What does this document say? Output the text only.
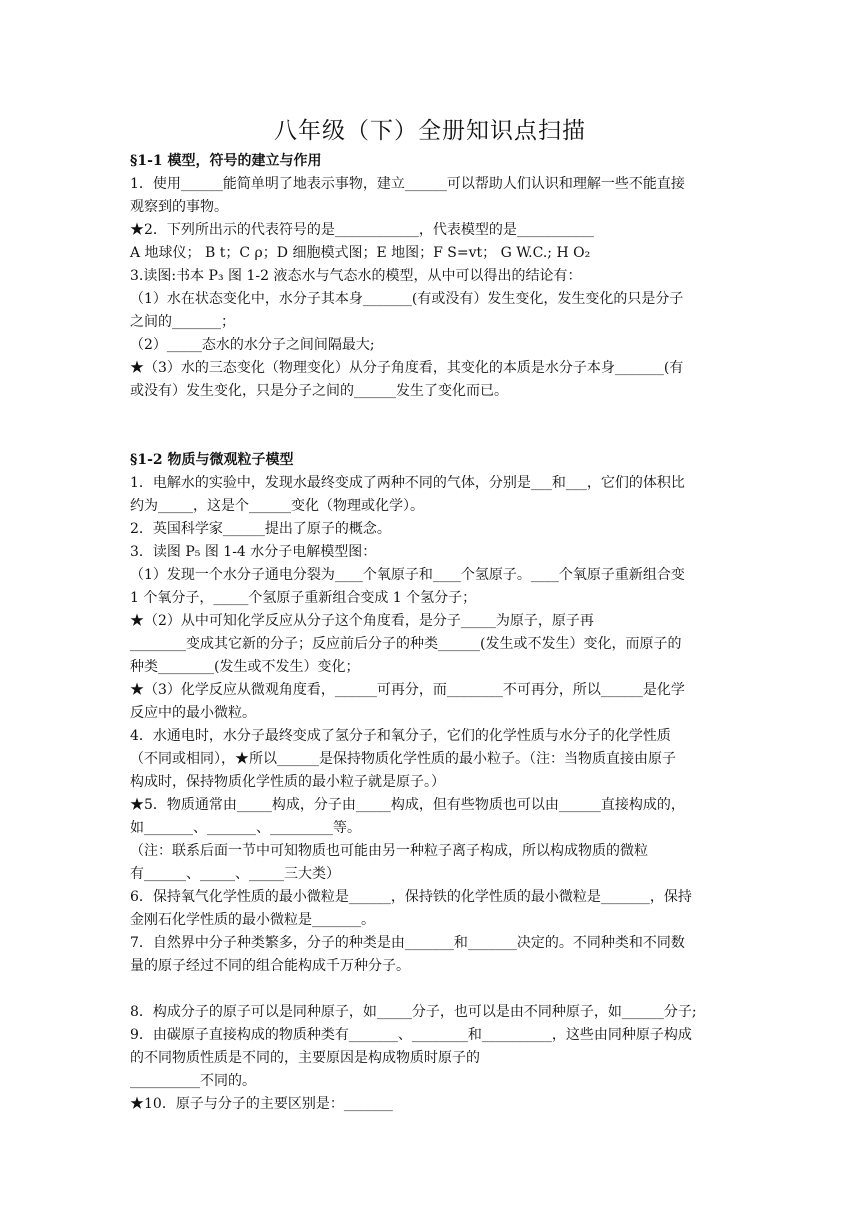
八年级（下）全册知识点扫描
§1-1 模型，符号的建立与作用
1．使用______能简单明了地表示事物，建立______可以帮助人们认识和理解一些不能直接
观察到的事物。
★2．下列所出示的代表符号的是____________，代表模型的是___________
A 地球仪； B t；C ρ；D 细胞模式图；E 地图；F S=vt； G W.C.; H O₂
3.读图:书本 P₃ 图 1-2 液态水与气态水的模型，从中可以得出的结论有：
（1）水在状态变化中，水分子其本身_______(有或没有）发生变化，发生变化的只是分子
之间的_______；
（2）_____态水的水分子之间间隔最大;
★（3）水的三态变化（物理变化）从分子角度看，其变化的本质是水分子本身_______(有
或没有）发生变化，只是分子之间的______发生了变化而已。
§1-2 物质与微观粒子模型
1．电解水的实验中，发现水最终变成了两种不同的气体，分别是___和___，它们的体积比
约为_____，这是个______变化（物理或化学）。
2．英国科学家______提出了原子的概念。
3．读图 P₅ 图 1-4 水分子电解模型图：
（1）发现一个水分子通电分裂为____个氧原子和____个氢原子。____个氧原子重新组合变
1 个氧分子，_____个氢原子重新组合变成 1 个氢分子；
★（2）从中可知化学反应从分子这个角度看，是分子_____为原子，原子再
________变成其它新的分子；反应前后分子的种类______(发生或不发生）变化，而原子的
种类________(发生或不发生）变化；
★（3）化学反应从微观角度看，______可再分，而________不可再分，所以______是化学
反应中的最小微粒。
4．水通电时，水分子最终变成了氢分子和氧分子，它们的化学性质与水分子的化学性质
（不同或相同），★所以______是保持物质化学性质的最小粒子。（注：当物质直接由原子
构成时，保持物质化学性质的最小粒子就是原子。）
★5．物质通常由_____构成，分子由_____构成，但有些物质也可以由______直接构成的，
如_______、_______、_________等。
（注：联系后面一节中可知物质也可能由另一种粒子离子构成，所以构成物质的微粒
有______、_____、_____三大类）
6．保持氧气化学性质的最小微粒是______，保持铁的化学性质的最小微粒是_______，保持
金刚石化学性质的最小微粒是_______。
7．自然界中分子种类繁多，分子的种类是由_______和_______决定的。不同种类和不同数
量的原子经过不同的组合能构成千万种分子。
8．构成分子的原子可以是同种原子，如_____分子，也可以是由不同种原子，如______分子;
9．由碳原子直接构成的物质种类有_______、________和__________，这些由同种原子构成
的不同物质性质是不同的，主要原因是构成物质时原子的
__________不同的。
★10．原子与分子的主要区别是：_______
